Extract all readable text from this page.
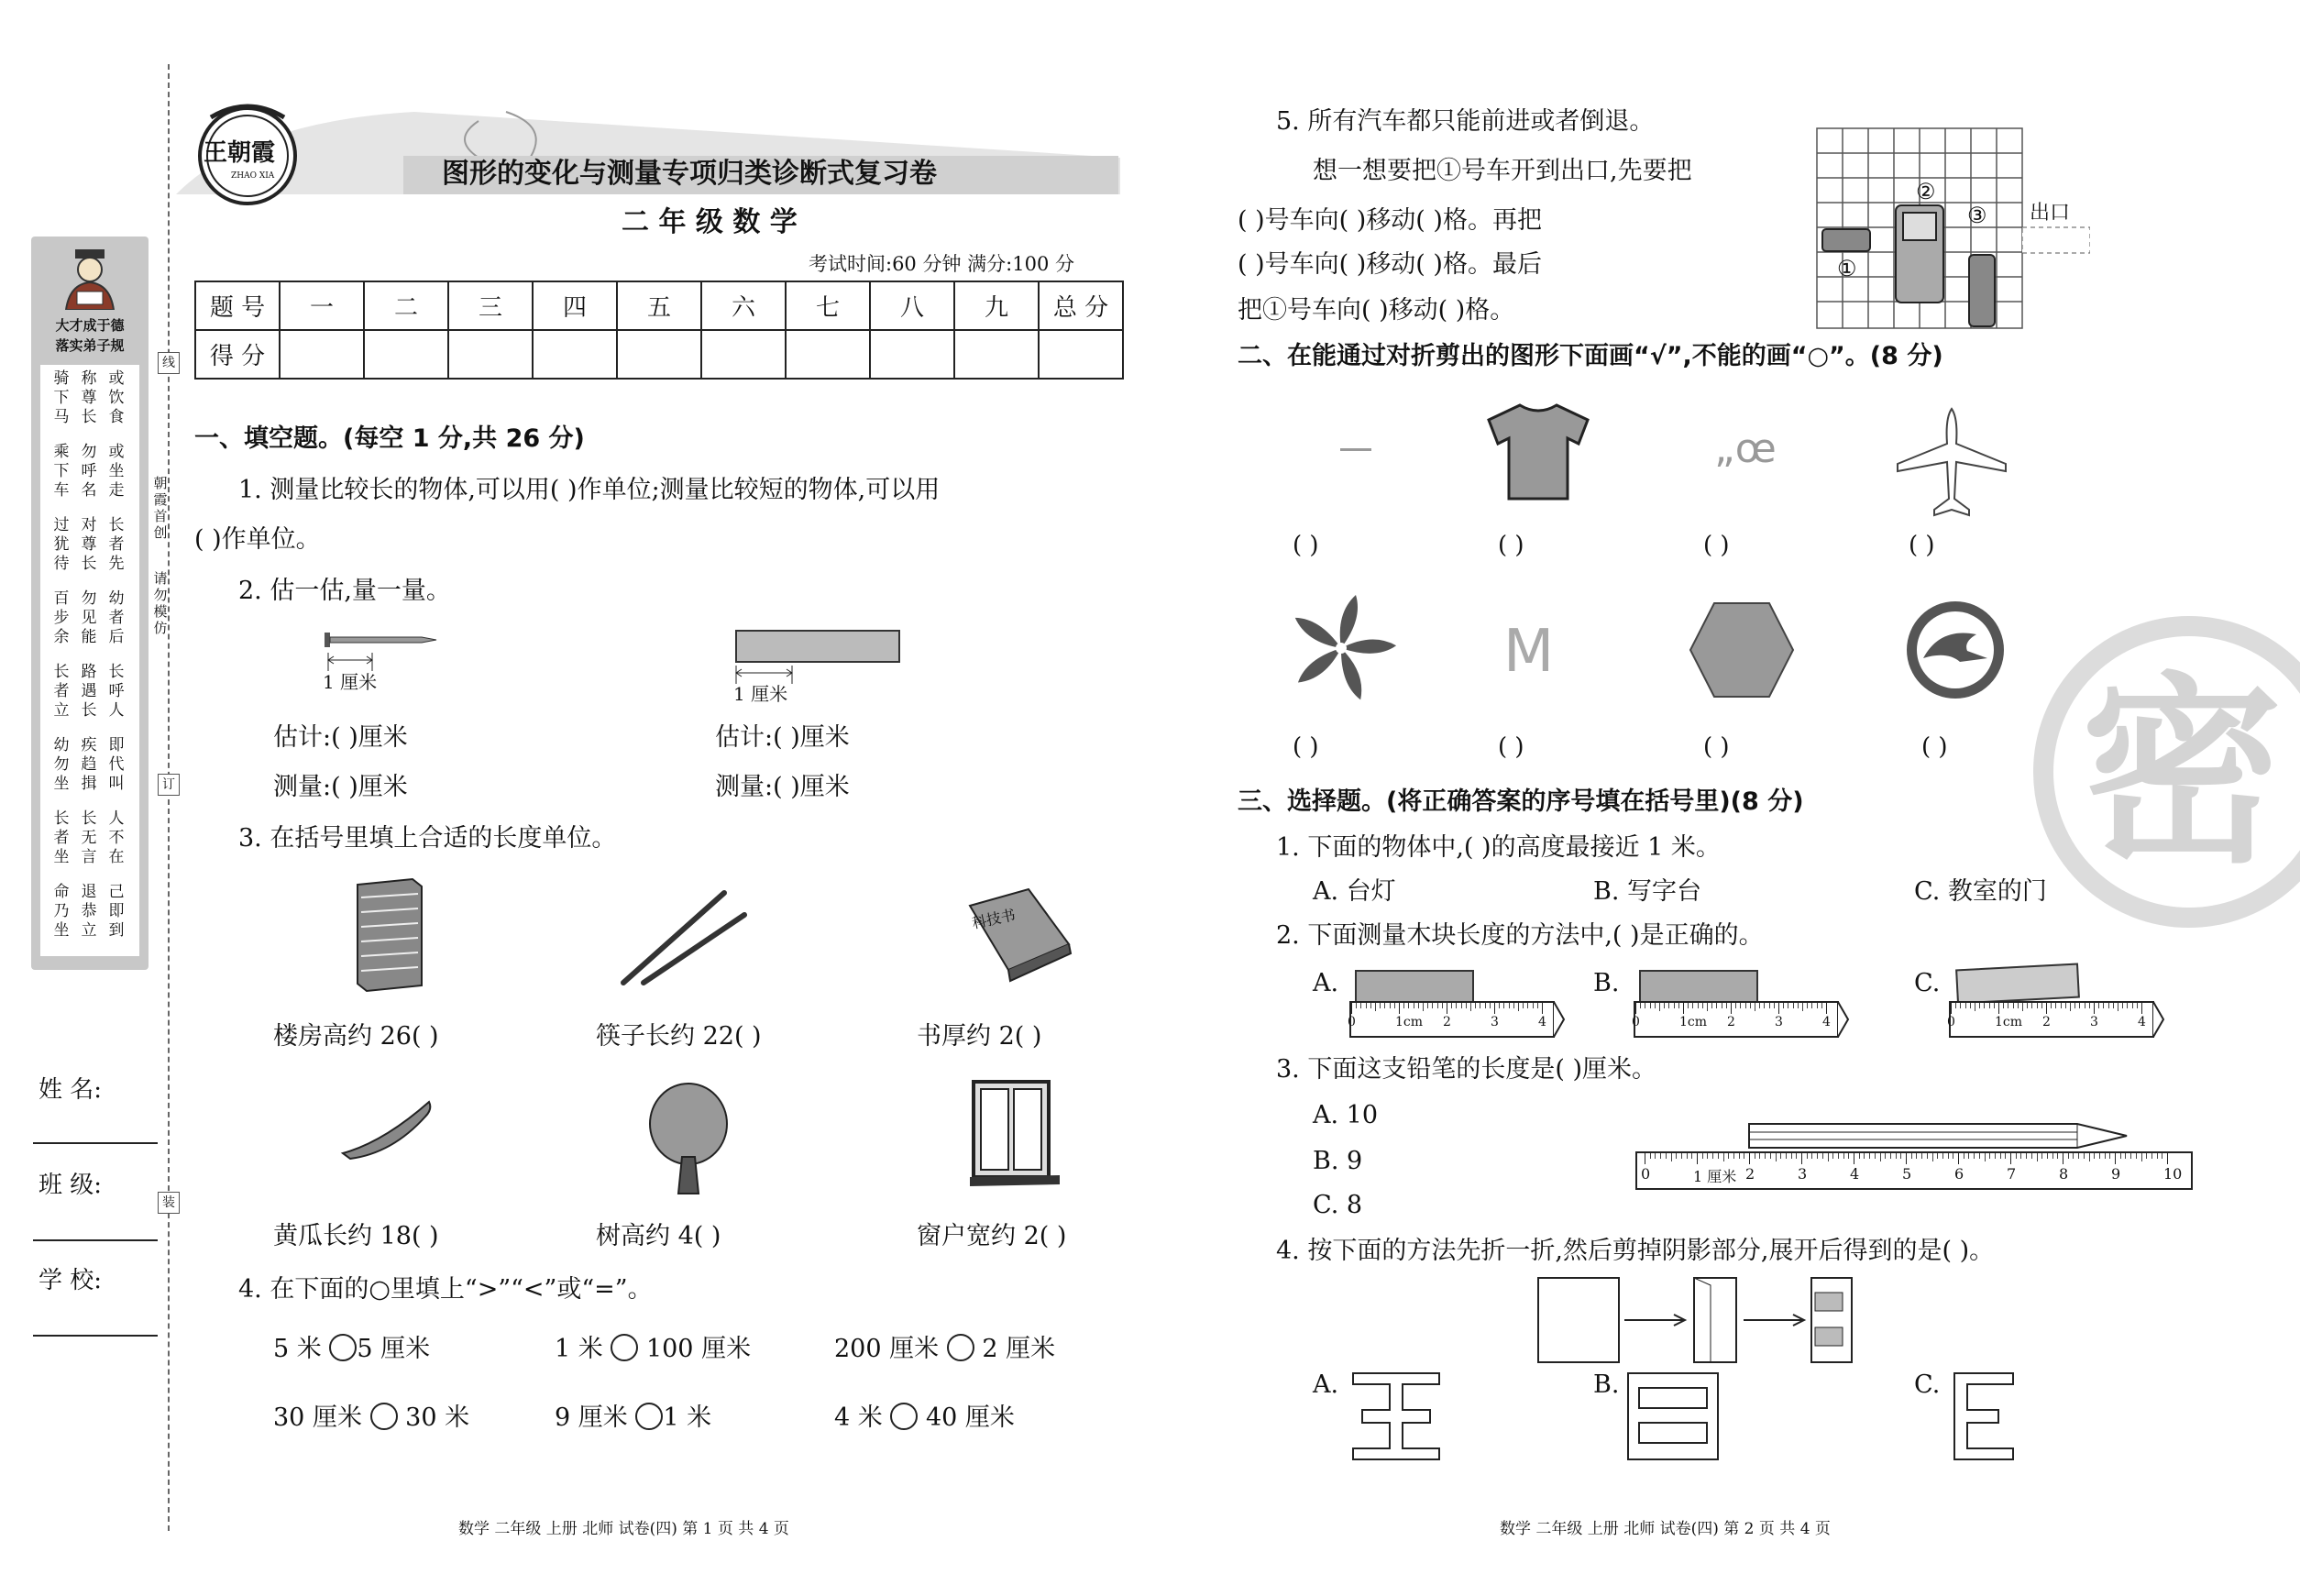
大才成于德
落实弟子规
骑下马
称尊长
或饮食
乘下车
勿呼名
或坐走
过犹待
对尊长
长者先
百步余
勿见能
幼者后
长者立
路遇长
长呼人
幼勿坐
疾趋揖
即代叫
长者坐
长无言
人不在
命乃坐
退恭立
己即到
朝霞首创
请勿模仿
线
订
装
姓 名:
班 级:
学 校:
王朝霞
ZHAO XIA	图形的变化与测量专项归类诊断式复习卷
二 年 级 数 学
考试时间:60 分钟 满分:100 分
题 号	一	二	三	四	五	六	七	八	九	总 分
得 分										
一、填空题。(每空 1 分,共 26 分)
1. 测量比较长的物体,可以用( )作单位;测量比较短的物体,可以用
( )作单位。
2. 估一估,量一量。
1 厘米
1 厘米
估计:( )厘米	估计:( )厘米
测量:( )厘米	测量:( )厘米
3. 在括号里填上合适的长度单位。
科技书
楼房高约 26( )	筷子长约 22( )	书厚约 2( )
黄瓜长约 18( )	树高约 4( )	窗户宽约 2( )
4. 在下面的○里填上“>”“<”或“=”。
5 米 5 厘米	1 米 100 厘米	200 厘米 2 厘米
30 厘米 30 米	9 厘米 1 米	4 米 40 厘米
数学 二年级 上册 北师 试卷(四) 第 1 页 共 4 页
5. 所有汽车都只能前进或者倒退。
想一想要把①号车开到出口,先要把
( )号车向( )移动( )格。再把
( )号车向( )移动( )格。最后
把①号车向( )移动( )格。
出口
①
②
③
二、在能通过对折剪出的图形下面画“√”,不能的画“○”。(8 分)
„œ
( )	( )	( )	( )
M
( )	( )	( )	( ) 密
三、选择题。(将正确答案的序号填在括号里)(8 分)
1. 下面的物体中,( )的高度最接近 1 米。
A. 台灯	B. 写字台	C. 教室的门
2. 下面测量木块长度的方法中,( )是正确的。
A.	B.	C.
0	1cm 2	3	4	0	1cm 2	3	4	0	1cm 2	3	4
3. 下面这支铅笔的长度是( )厘米。
A. 10
B. 9
C. 8
0	1 厘米 2	3	4	5	6	7	8	9	10
4. 按下面的方法先折一折,然后剪掉阴影部分,展开后得到的是( )。
A.	B.	C.
数学 二年级 上册 北师 试卷(四) 第 2 页 共 4 页
